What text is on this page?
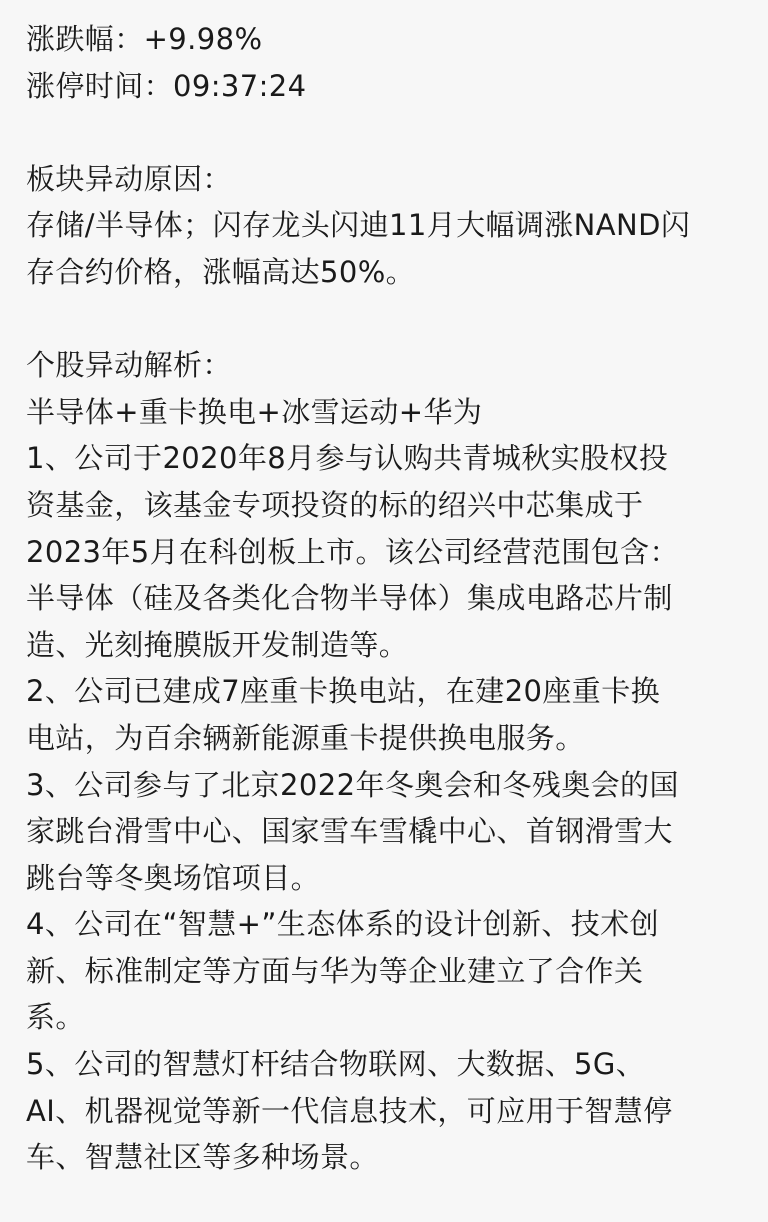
涨跌幅：+9.98%
涨停时间：09:37:24
板块异动原因：
存储/半导体；闪存龙头闪迪11月大幅调涨NAND闪
存合约价格，涨幅高达50%。
个股异动解析：
半导体+重卡换电+冰雪运动+华为
1、公司于2020年8月参与认购共青城秋实股权投
资基金，该基金专项投资的标的绍兴中芯集成于
2023年5月在科创板上市。该公司经营范围包含：
半导体（硅及各类化合物半导体）集成电路芯片制
造、光刻掩膜版开发制造等。
2、公司已建成7座重卡换电站，在建20座重卡换
电站，为百余辆新能源重卡提供换电服务。
3、公司参与了北京2022年冬奥会和冬残奥会的国
家跳台滑雪中心、国家雪车雪橇中心、首钢滑雪大
跳台等冬奥场馆项目。
4、公司在“智慧+”生态体系的设计创新、技术创
新、标准制定等方面与华为等企业建立了合作关
系。
5、公司的智慧灯杆结合物联网、大数据、5G、
AI、机器视觉等新一代信息技术，可应用于智慧停
车、智慧社区等多种场景。
